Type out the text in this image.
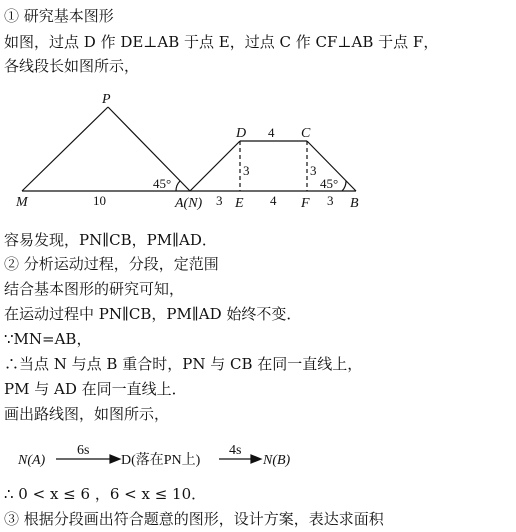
① 研究基本图形
如图，过点 D 作 DE⊥AB 于点 E，过点 C 作 CF⊥AB 于点 F，
各线段长如图所示，
P
M	A(N)
D	C
E	F	B
45°	45°
10	3	4	3
4
3	3
N(A)
6s
D(落在PN上)
4s
N(B)
容易发现，PN∥CB，PM∥AD．
② 分析运动过程，分段，定范围
结合基本图形的研究可知，
在运动过程中 PN∥CB，PM∥AD 始终不变．
∵MN=AB，
∴当点 N 与点 B 重合时，PN 与 CB 在同一直线上，
PM 与 AD 在同一直线上．
画出路线图，如图所示，
∴ 0 < x ≤ 6 ，6 < x ≤ 10．
③ 根据分段画出符合题意的图形，设计方案，表达求面积
